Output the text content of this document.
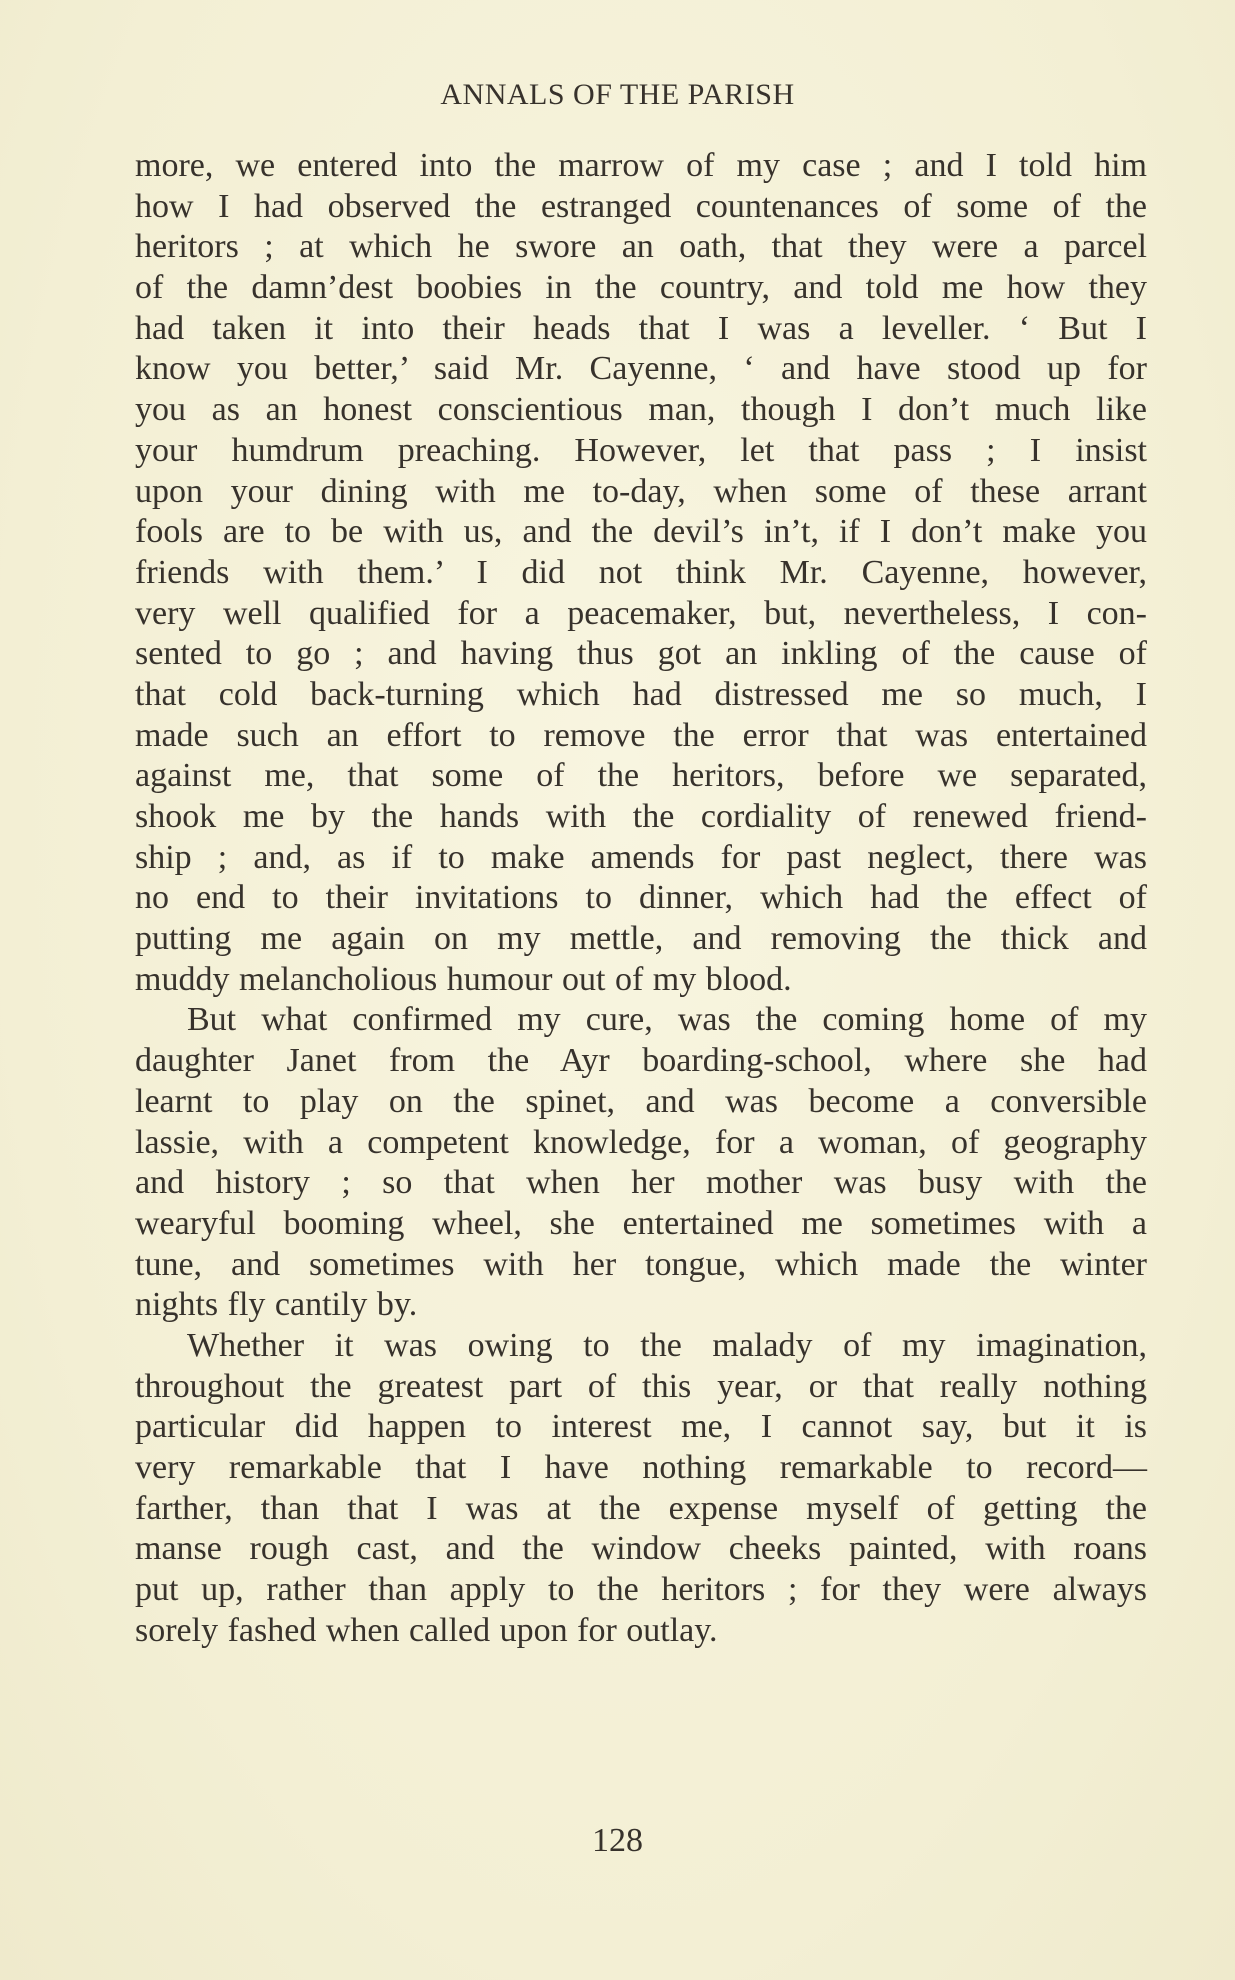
ANNALS OF THE PARISH
more, we entered into the marrow of my case ; and I told him
how I had observed the estranged countenances of some of the
heritors ; at which he swore an oath, that they were a parcel
of the damn’dest boobies in the country, and told me how they
had taken it into their heads that I was a leveller. ‘ But I
know you better,’ said Mr. Cayenne, ‘ and have stood up for
you as an honest conscientious man, though I don’t much like
your humdrum preaching. However, let that pass ; I insist
upon your dining with me to-day, when some of these arrant
fools are to be with us, and the devil’s in’t, if I don’t make you
friends with them.’ I did not think Mr. Cayenne, however,
very well qualified for a peacemaker, but, nevertheless, I con-
sented to go ; and having thus got an inkling of the cause of
that cold back-turning which had distressed me so much, I
made such an effort to remove the error that was entertained
against me, that some of the heritors, before we separated,
shook me by the hands with the cordiality of renewed friend-
ship ; and, as if to make amends for past neglect, there was
no end to their invitations to dinner, which had the effect of
putting me again on my mettle, and removing the thick and
muddy melancholious humour out of my blood.
But what confirmed my cure, was the coming home of my
daughter Janet from the Ayr boarding-school, where she had
learnt to play on the spinet, and was become a conversible
lassie, with a competent knowledge, for a woman, of geography
and history ; so that when her mother was busy with the
wearyful booming wheel, she entertained me sometimes with a
tune, and sometimes with her tongue, which made the winter
nights fly cantily by.
Whether it was owing to the malady of my imagination,
throughout the greatest part of this year, or that really nothing
particular did happen to interest me, I cannot say, but it is
very remarkable that I have nothing remarkable to record—
farther, than that I was at the expense myself of getting the
manse rough cast, and the window cheeks painted, with roans
put up, rather than apply to the heritors ; for they were always
sorely fashed when called upon for outlay.
128
